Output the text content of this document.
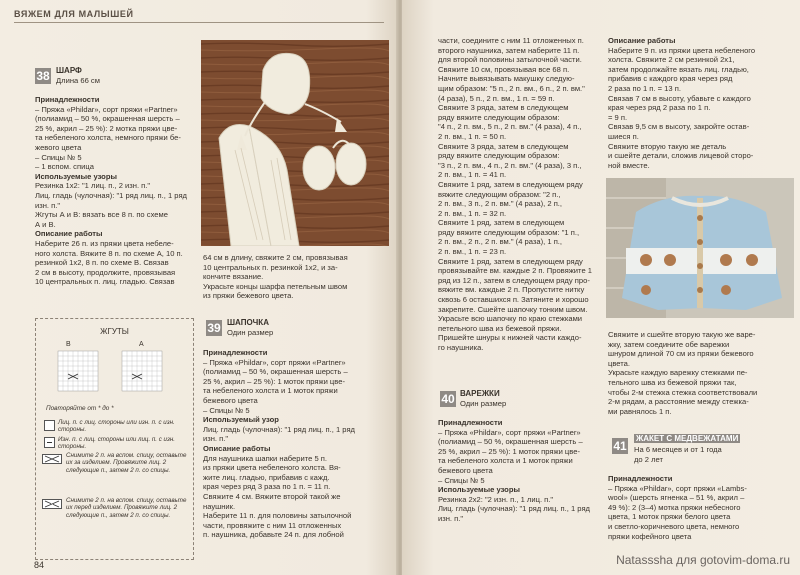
ВЯЖЕМ ДЛЯ МАЛЫШЕЙ
38 ШАРФ
Длина 66 см

Принадлежности

– Пряжа «Phildar», сорт пряжи «Partner»

(полиамид – 50 %, окрашенная шерсть –

25 %, акрил – 25 %): 2 мотка пряжи цве-

та небеленого холста, немного пряжи бе-

жевого цвета

– Спицы № 5

– 1 вспом. спица

Используемые узоры

Резинка 1х2: "1 лиц. п., 2 изн. п."

Лиц. гладь (чулочная): "1 ряд лиц. п., 1 ряд

изн. п."

Жгуты А и В: вязать все 8 п. по схеме

А и В.

Описание работы

Наберите 26 п. из пряжи цвета небеле-

ного холста. Вяжите 8 п. по схеме А, 10 п.

резинкой 1х2, 8 п. по схеме В. Связав

2 см в высоту, продолжите, провязывая

10 центральных п. лиц. гладью. Связав

64 см в длину, свяжите 2 см, провязывая

10 центральных п. резинкой 1х2, и за-

кончите вязание.

Украсьте концы шарфа петельным швом

из пряжи бежевого цвета.

39 ШАПОЧКА
Один размер

Принадлежности

– Пряжа «Phildar», сорт пряжи «Partner»

(полиамид – 50 %, окрашенная шерсть –

25 %, акрил – 25 %): 1 моток пряжи цве-

та небеленого холста и 1 моток пряжи

бежевого цвета

– Спицы № 5

Используемый узор

Лиц. гладь (чулочная): "1 ряд лиц. п., 1 ряд

изн. п."

Описание работы

Для наушника шапки наберите 5 п.

из пряжи цвета небеленого холста. Вя-

жите лиц. гладью, прибавив с кажд.

края через ряд 3 раза по 1 п. = 11 п.

Свяжите 4 см. Вяжите второй такой же

наушник.

Наберите 11 п. для половины затылочной

части, провяжите с ним 11 отложенных

п. наушника, добавьте 24 п. для лобной

ЖГУТЫ
B	A
Повторяйте от * до *
Лиц. п. с лиц. стороны или изн. п. с изн. стороны.
Изн. п. с лиц. стороны или лиц. п. с изн. стороны.
Снимите 2 п. на вспом. спицу, оставьте их за изделием. Провяжите лиц. 2 следующие п., затем 2 п. со спицы.
Снимите 2 п. на вспом. спицу, оставьте их перед изделием. Провяжите лиц. 2 следующие п., затем 2 п. со спицы.
84

части, соедините с ним 11 отложенных п.

второго наушника, затем наберите 11 п.

для второй половины затылочной части.

Свяжите 10 см, провязывая все 68 п.

Начните вывязывать макушку следую-

щим образом: "5 п., 2 п. вм., 6 п., 2 п. вм."

(4 раза), 5 п., 2 п. вм., 1 п. = 59 п.

Свяжите 3 ряда, затем в следующем

ряду вяжите следующим образом:

"4 п., 2 п. вм., 5 п., 2 п. вм." (4 раза), 4 п.,

2 п. вм., 1 п. = 50 п.

Свяжите 3 ряда, затем в следующем

ряду вяжите следующим образом:

"3 п., 2 п. вм., 4 п., 2 п. вм." (4 раза), 3 п.,

2 п. вм., 1 п. = 41 п.

Свяжите 1 ряд, затем в следующем ряду

вяжите следующим образом: "2 п.,

2 п. вм., 3 п., 2 п. вм." (4 раза), 2 п.,

2 п. вм., 1 п. = 32 п.

Свяжите 1 ряд, затем в следующем

ряду вяжите следующим образом: "1 п.,

2 п. вм., 2 п., 2 п. вм." (4 раза), 1 п.,

2 п. вм., 1 п. = 23 п.

Свяжите 1 ряд, затем в следующем ряду

провязывайте вм. каждые 2 п. Провяжите 1

ряд из 12 п., затем в следующем ряду про-

вяжите вм. каждые 2 п. Пропустите нитку

сквозь 6 оставшихся п. Затяните и хорошо

закрепите. Сшейте шапочку тонким швом.

Украсьте всю шапочку по краю стежками

петельного шва из бежевой пряжи.

Пришейте шнуры к нижней части каждо-

го наушника.

40 ВАРЕЖКИ
Один размер

Принадлежности

– Пряжа «Phildar», сорт пряжи «Partner»

(полиамид – 50 %, окрашенная шерсть –

25 %, акрил – 25 %): 1 моток пряжи цве-

та небеленого холста и 1 моток пряжи

бежевого цвета

– Спицы № 5

Используемые узоры

Резинка 2х2: "2 изн. п., 1 лиц. п."

Лиц. гладь (чулочная): "1 ряд лиц. п., 1 ряд

изн. п."

Описание работы

Наберите 9 п. из пряжи цвета небеленого

холста. Свяжите 2 см резинкой 2х1,

затем продолжайте вязать лиц. гладью,

прибавив с каждого края через ряд

2 раза по 1 п. = 13 п.

Связав 7 см в высоту, убавьте с каждого

края через ряд 2 раза по 1 п.

= 9 п.

Связав 9,5 см в высоту, закройте остав-

шиеся п.

Свяжите вторую такую же деталь

и сшейте детали, сложив лицевой сторо-

ной вместе.

Свяжите и сшейте вторую такую же варе-

жку, затем соедините обе варежки

шнуром длиной 70 см из пряжи бежевого

цвета.

Украсьте каждую варежку стежками пе-

тельного шва из бежевой пряжи так,

чтобы 2-м стежка стежка соответствовали

2-м рядам, а расстояние между стежка-

ми равнялось 1 п.

41
ЖАКЕТ С МЕДВЕЖАТАМИ
На 6 месяцев и от 1 года
до 2 лет

Принадлежности

– Пряжа «Phildar», сорт пряжи «Lambs-

wool» (шерсть ягненка – 51 %, акрил –

49 %): 2 (3–4) мотка пряжи небесного

цвета, 1 моток пряжи белого цвета

и светло-коричневого цвета, немного

пряжи кофейного цвета

Natasssha для gotovim-doma.ru
